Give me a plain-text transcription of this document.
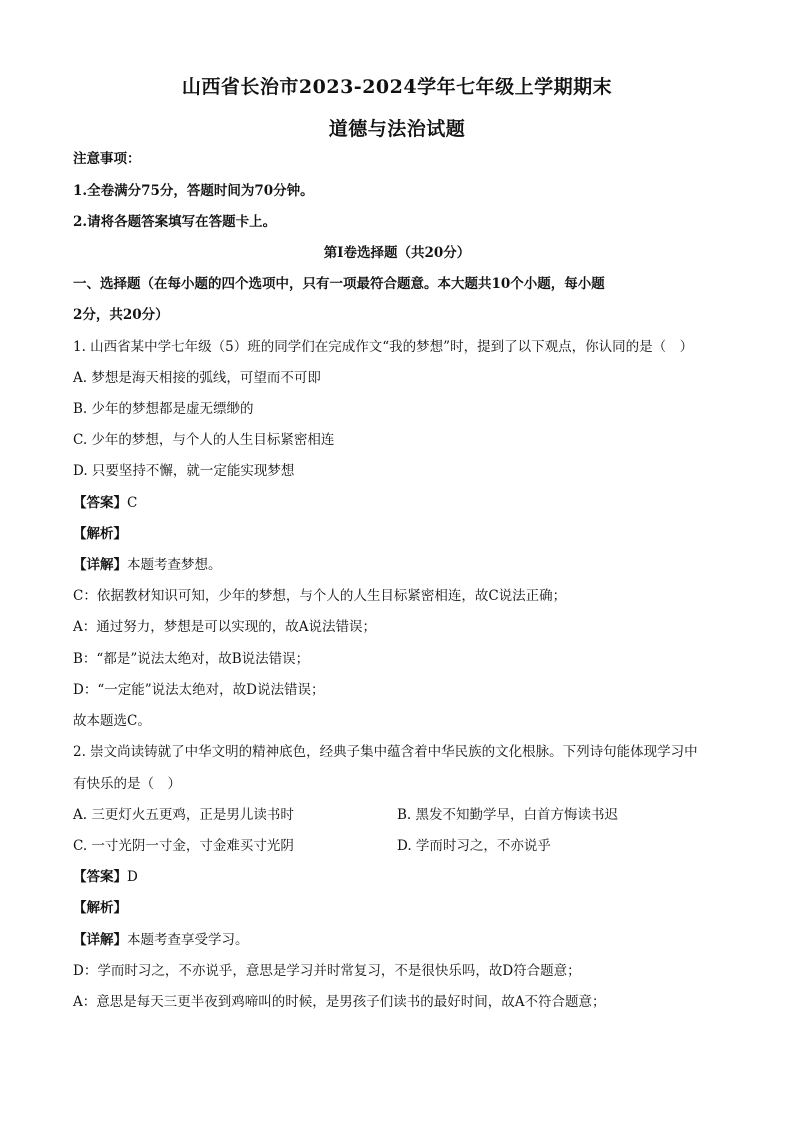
山西省长治市2023-2024学年七年级上学期期末
道德与法治试题
注意事项：
1.全卷满分75分，答题时间为70分钟。
2.请将各题答案填写在答题卡上。
第Ⅰ卷选择题（共20分）
一、选择题（在每小题的四个选项中，只有一项最符合题意。本大题共10个小题，每小题
2分，共20分）
1. 山西省某中学七年级（5）班的同学们在完成作文“我的梦想”时，提到了以下观点，你认同的是（　）
A. 梦想是海天相接的弧线，可望而不可即
B. 少年的梦想都是虚无缥缈的
C. 少年的梦想，与个人的人生目标紧密相连
D. 只要坚持不懈，就一定能实现梦想
【答案】C
【解析】
【详解】本题考查梦想。
C：依据教材知识可知，少年的梦想，与个人的人生目标紧密相连，故C说法正确；
A：通过努力，梦想是可以实现的，故A说法错误；
B：“都是”说法太绝对，故B说法错误；
D：“一定能”说法太绝对，故D说法错误；
故本题选C。
2. 崇文尚读铸就了中华文明的精神底色，经典子集中蕴含着中华民族的文化根脉。下列诗句能体现学习中
有快乐的是（　）
A. 三更灯火五更鸡，正是男儿读书时	B. 黑发不知勤学早，白首方悔读书迟
C. 一寸光阴一寸金，寸金难买寸光阴	D. 学而时习之，不亦说乎
【答案】D
【解析】
【详解】本题考查享受学习。
D：学而时习之，不亦说乎，意思是学习并时常复习，不是很快乐吗，故D符合题意；
A：意思是每天三更半夜到鸡啼叫的时候，是男孩子们读书的最好时间，故A不符合题意；
